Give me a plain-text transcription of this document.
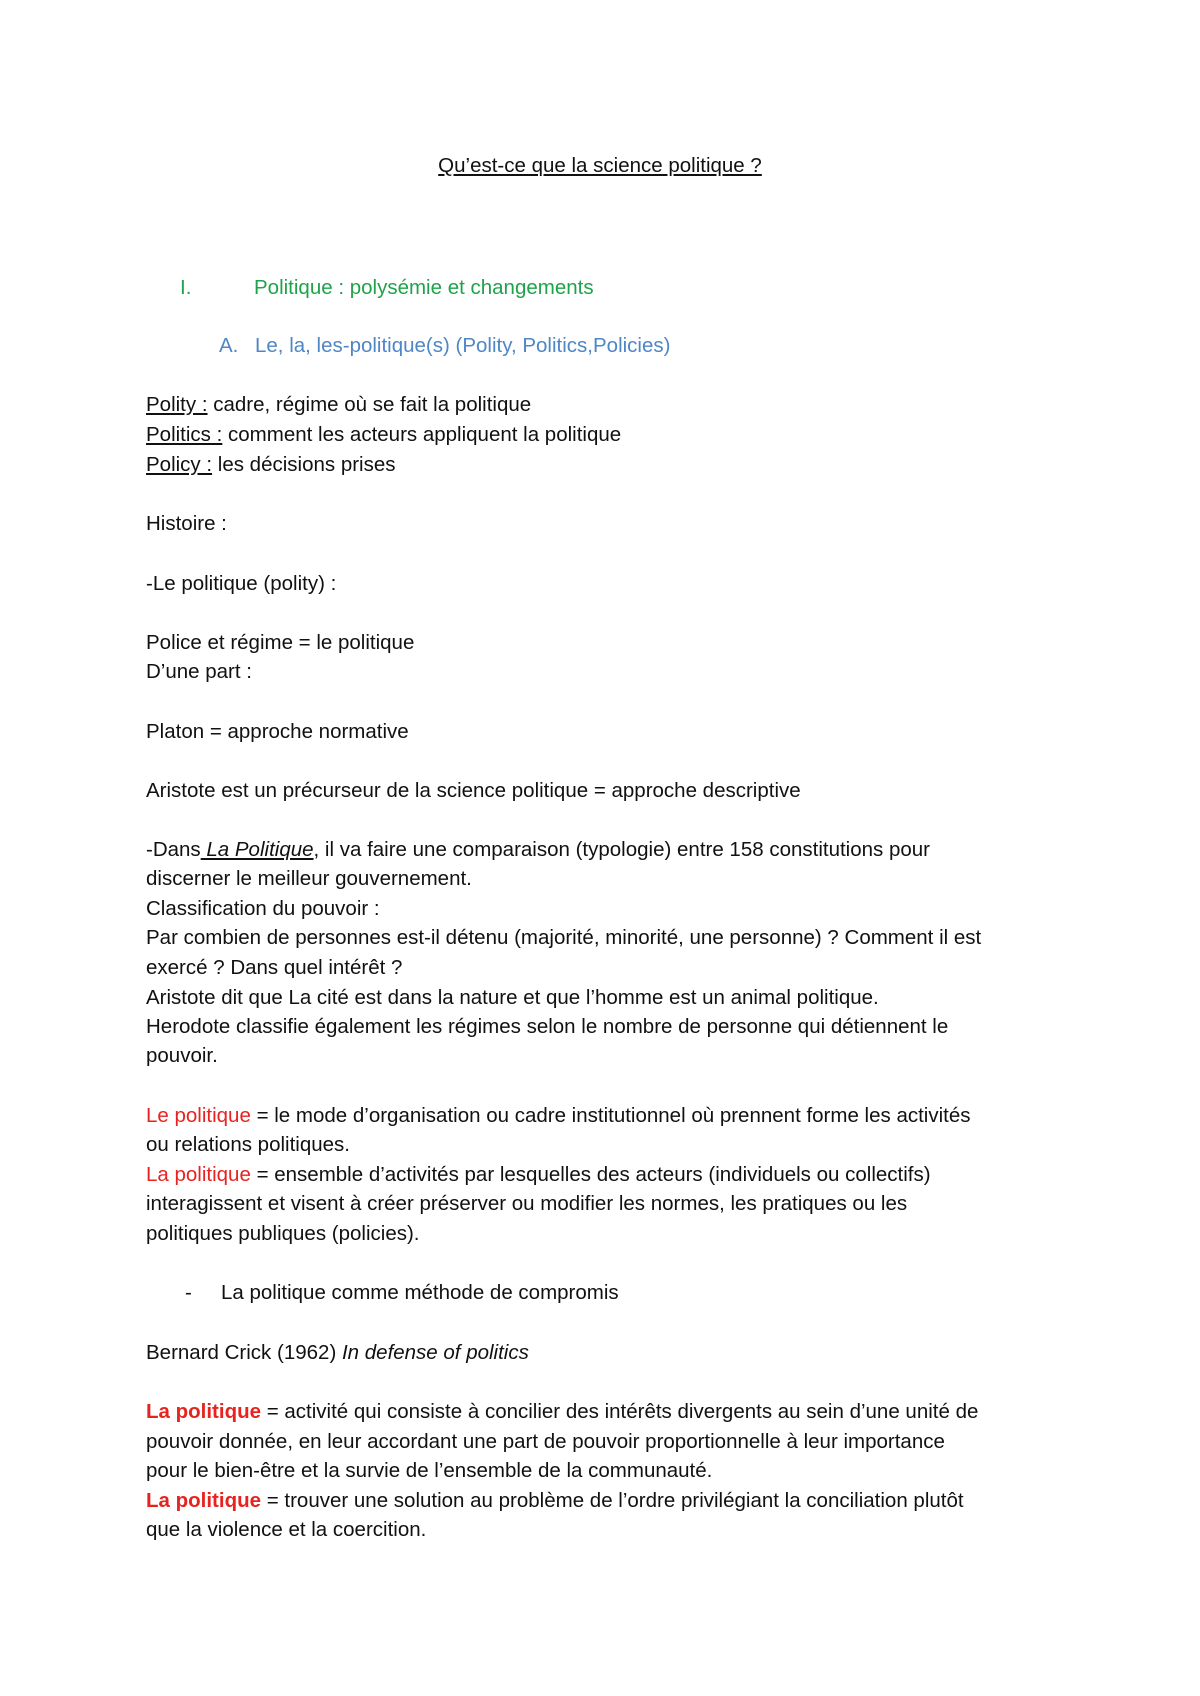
Qu’est-ce que la science politique ?
I.	Politique : polysémie et changements
A. Le, la, les-politique(s) (Polity, Politics,Policies)
Polity : cadre, régime où se fait la politique
Politics : comment les acteurs appliquent la politique
Policy : les décisions prises
Histoire :
-Le politique (polity) :
Police et régime = le politique
D’une part :
Platon = approche normative
Aristote est un précurseur de la science politique = approche descriptive
-Dans La Politique, il va faire une comparaison (typologie) entre 158 constitutions pour
discerner le meilleur gouvernement.
Classification du pouvoir :
Par combien de personnes est-il détenu (majorité, minorité, une personne) ? Comment il est
exercé ? Dans quel intérêt ?
Aristote dit que La cité est dans la nature et que l’homme est un animal politique.
Herodote classifie également les régimes selon le nombre de personne qui détiennent le
pouvoir.
Le politique = le mode d’organisation ou cadre institutionnel où prennent forme les activités
ou relations politiques.
La politique = ensemble d’activités par lesquelles des acteurs (individuels ou collectifs)
interagissent et visent à créer préserver ou modifier les normes, les pratiques ou les
politiques publiques (policies).
- La politique comme méthode de compromis
Bernard Crick (1962) In defense of politics
La politique = activité qui consiste à concilier des intérêts divergents au sein d’une unité de
pouvoir donnée, en leur accordant une part de pouvoir proportionnelle à leur importance
pour le bien-être et la survie de l’ensemble de la communauté.
La politique = trouver une solution au problème de l’ordre privilégiant la conciliation plutôt
que la violence et la coercition.
